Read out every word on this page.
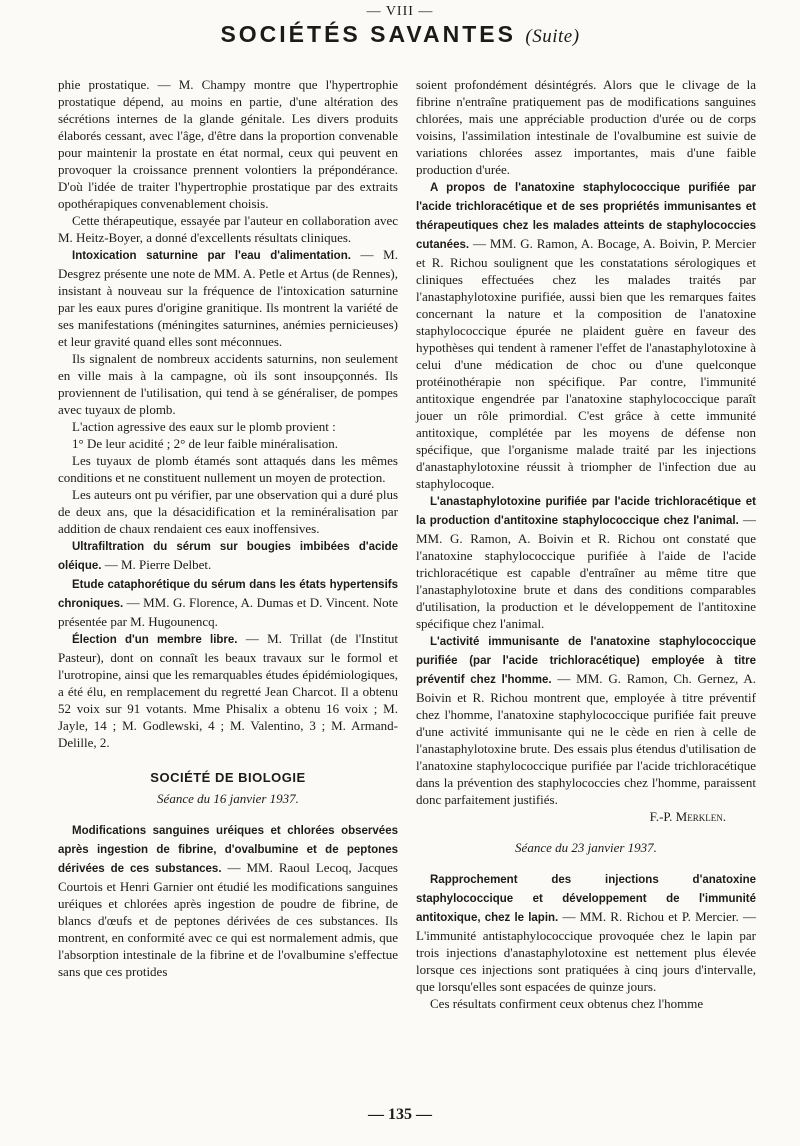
— VIII —
SOCIÉTÉS SAVANTES (Suite)

phie prostatique. — M. Champy montre que l'hypertrophie prostatique dépend, au moins en partie, d'une altération des sécrétions internes de la glande génitale. Les divers produits élaborés cessant, avec l'âge, d'être dans la proportion convenable pour maintenir la prostate en état normal, ceux qui peuvent en provoquer la croissance prennent volontiers la prépondérance. D'où l'idée de traiter l'hypertrophie prostatique par des extraits opothérapiques convenablement choisis.

Cette thérapeutique, essayée par l'auteur en collaboration avec M. Heitz-Boyer, a donné d'excellents résultats cliniques.

Intoxication saturnine par l'eau d'alimentation. — M. Desgrez présente une note de MM. A. Petle et Artus (de Rennes), insistant à nouveau sur la fréquence de l'intoxication saturnine par les eaux pures d'origine granitique. Ils montrent la variété de ses manifestations (méningites saturnines, anémies pernicieuses) et leur gravité quand elles sont méconnues.

Ils signalent de nombreux accidents saturnins, non seulement en ville mais à la campagne, où ils sont insoupçonnés. Ils proviennent de l'utilisation, qui tend à se généraliser, de pompes avec tuyaux de plomb.

L'action agressive des eaux sur le plomb provient :

1° De leur acidité ; 2° de leur faible minéralisation.

Les tuyaux de plomb étamés sont attaqués dans les mêmes conditions et ne constituent nullement un moyen de protection.

Les auteurs ont pu vérifier, par une observation qui a duré plus de deux ans, que la désacidification et la reminéralisation par addition de chaux rendaient ces eaux inoffensives.

Ultrafiltration du sérum sur bougies imbibées d'acide oléique. — M. Pierre Delbet.

Etude cataphorétique du sérum dans les états hypertensifs chroniques. — MM. G. Florence, A. Dumas et D. Vincent. Note présentée par M. Hugounencq.

Élection d'un membre libre. — M. Trillat (de l'Institut Pasteur), dont on connaît les beaux travaux sur le formol et l'urotropine, ainsi que les remarquables études épidémiologiques, a été élu, en remplacement du regretté Jean Charcot. Il a obtenu 52 voix sur 91 votants. Mme Phisalix a obtenu 16 voix ; M. Jayle, 14 ; M. Godlewski, 4 ; M. Valentino, 3 ; M. Armand-Delille, 2.

SOCIÉTÉ DE BIOLOGIE
Séance du 16 janvier 1937.

Modifications sanguines uréiques et chlorées observées après ingestion de fibrine, d'ovalbumine et de peptones dérivées de ces substances. — MM. Raoul Lecoq, Jacques Courtois et Henri Garnier ont étudié les modifications sanguines uréiques et chlorées après ingestion de poudre de fibrine, de blancs d'œufs et de peptones dérivées de ces substances. Ils montrent, en conformité avec ce qui est normalement admis, que l'absorption intestinale de la fibrine et de l'ovalbumine s'effectue sans que ces protides

soient profondément désintégrés. Alors que le clivage de la fibrine n'entraîne pratiquement pas de modifications sanguines chlorées, mais une appréciable production d'urée ou de corps voisins, l'assimilation intestinale de l'ovalbumine est suivie de variations chlorées assez importantes, mais d'une faible production d'urée.

A propos de l'anatoxine staphylococcique purifiée par l'acide trichloracétique et de ses propriétés immunisantes et thérapeutiques chez les malades atteints de staphylococcies cutanées. — MM. G. Ramon, A. Bocage, A. Boivin, P. Mercier et R. Richou soulignent que les constatations sérologiques et cliniques effectuées chez les malades traités par l'anastaphylotoxine purifiée, aussi bien que les remarques faites concernant la nature et la composition de l'anatoxine staphylococcique épurée ne plaident guère en faveur des hypothèses qui tendent à ramener l'effet de l'anastaphylotoxine à celui d'une médication de choc ou d'une quelconque protéinothérapie non spécifique. Par contre, l'immunité antitoxique engendrée par l'anatoxine staphylococcique paraît jouer un rôle primordial. C'est grâce à cette immunité antitoxique, complétée par les moyens de défense non spécifique, que l'organisme malade traité par les injections d'anastaphylotoxine réussit à triompher de l'infection due au staphylocoque.

L'anastaphylotoxine purifiée par l'acide trichloracétique et la production d'antitoxine staphylococcique chez l'animal. — MM. G. Ramon, A. Boivin et R. Richou ont constaté que l'anatoxine staphylococcique purifiée à l'aide de l'acide trichloracétique est capable d'entraîner au même titre que l'anastaphylotoxine brute et dans des conditions comparables d'utilisation, la production et le développement de l'antitoxine spécifique chez l'animal.

L'activité immunisante de l'anatoxine staphylococcique purifiée (par l'acide trichloracétique) employée à titre préventif chez l'homme. — MM. G. Ramon, Ch. Gernez, A. Boivin et R. Richou montrent que, employée à titre préventif chez l'homme, l'anatoxine staphylococcique purifiée fait preuve d'une activité immunisante qui ne le cède en rien à celle de l'anastaphylotoxine brute. Des essais plus étendus d'utilisation de l'anatoxine staphylococcique purifiée par l'acide trichloracétique dans la prévention des staphylococcies chez l'homme, paraissent donc parfaitement justifiés.

F.-P. Merklen.

Séance du 23 janvier 1937.

Rapprochement des injections d'anatoxine staphylococcique et développement de l'immunité antitoxique, chez le lapin. — MM. R. Richou et P. Mercier. — L'immunité antistaphylococcique provoquée chez le lapin par trois injections d'anastaphylotoxine est nettement plus élevée lorsque ces injections sont pratiquées à cinq jours d'intervalle, que lorsqu'elles sont espacées de quinze jours.

Ces résultats confirment ceux obtenus chez l'homme

— 135 —
